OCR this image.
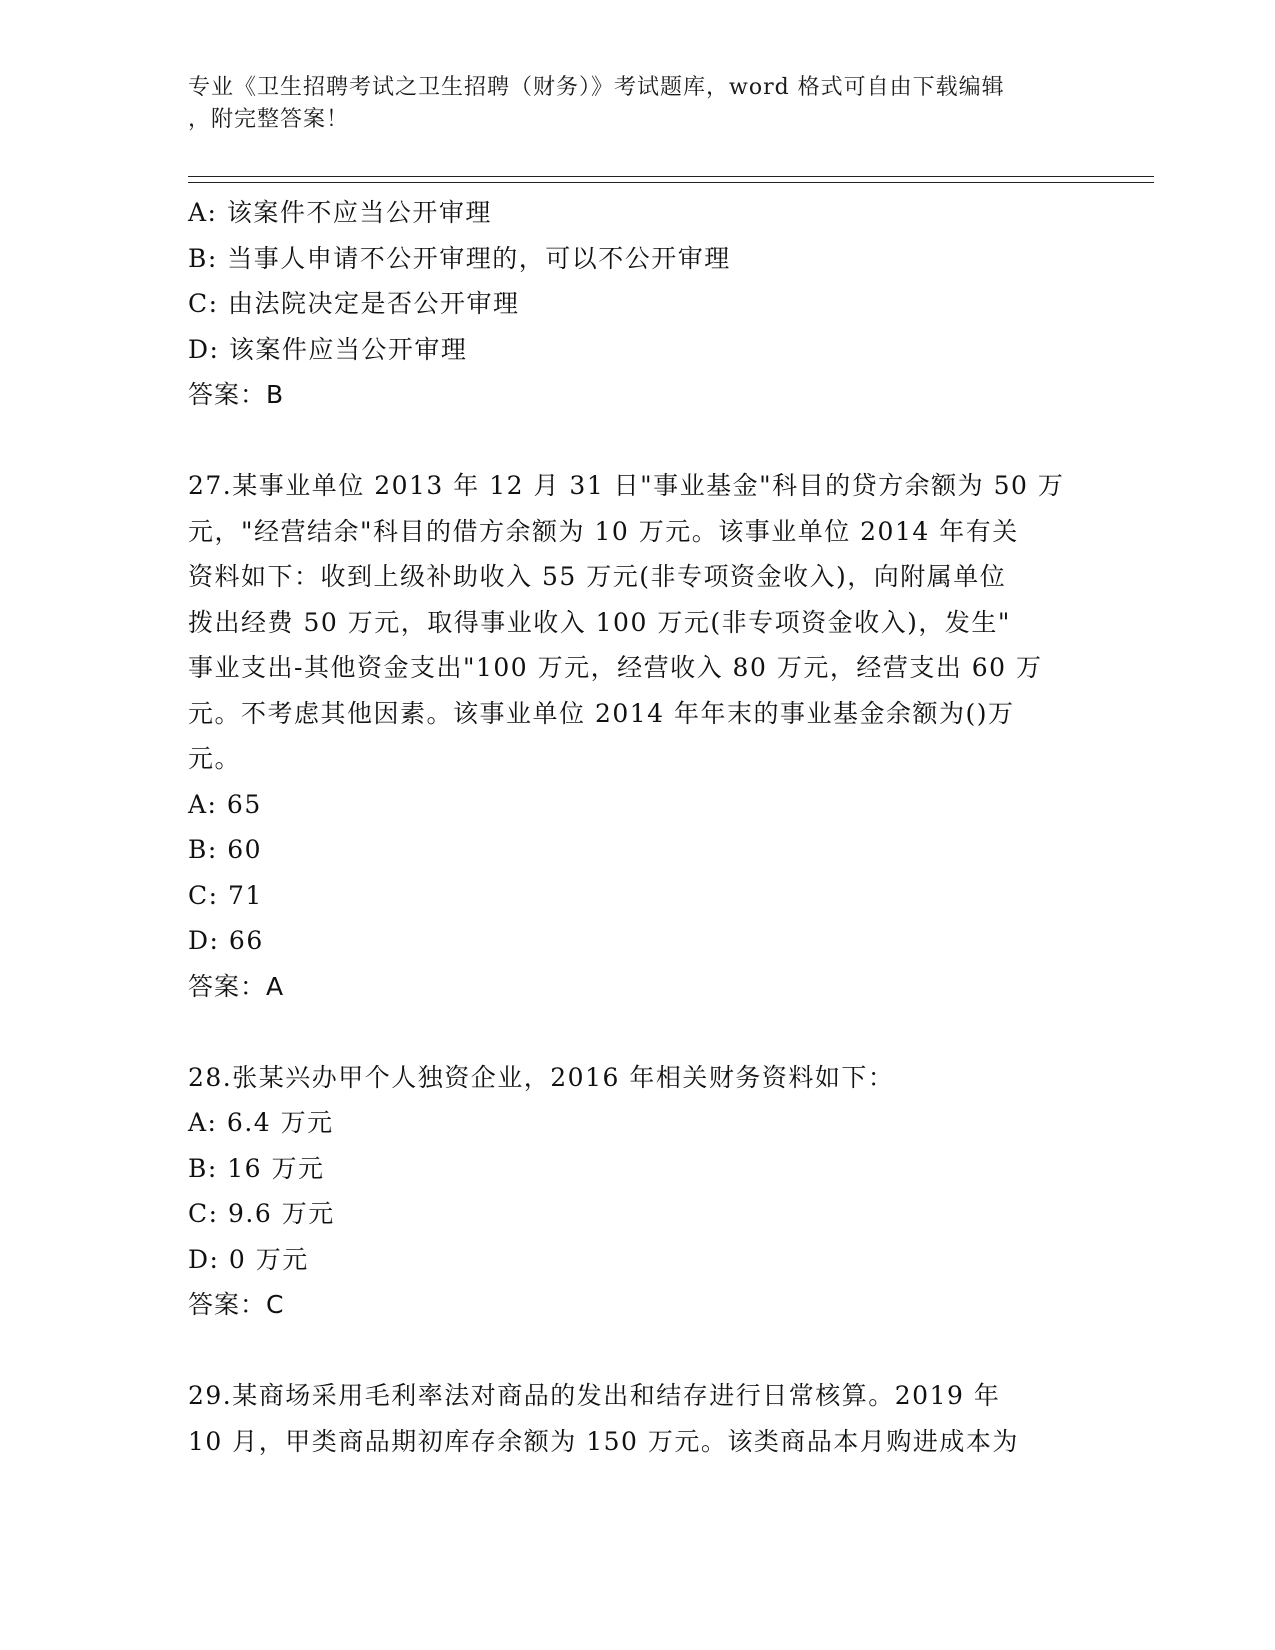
专业《卫生招聘考试之卫生招聘（财务）》考试题库，word 格式可自由下载编辑
，附完整答案！

A: 该案件不应当公开审理

B: 当事人申请不公开审理的，可以不公开审理

C: 由法院决定是否公开审理

D: 该案件应当公开审理

答案：B

27.某事业单位 2013 年 12 月 31 日"事业基金"科目的贷方余额为 50 万

元，"经营结余"科目的借方余额为 10 万元。该事业单位 2014 年有关

资料如下：收到上级补助收入 55 万元(非专项资金收入)，向附属单位

拨出经费 50 万元，取得事业收入 100 万元(非专项资金收入)，发生"

事业支出-其他资金支出"100 万元，经营收入 80 万元，经营支出 60 万

元。不考虑其他因素。该事业单位 2014 年年末的事业基金余额为()万

元。

A: 65

B: 60

C: 71

D: 66

答案：A

28.张某兴办甲个人独资企业，2016 年相关财务资料如下：

A: 6.4 万元

B: 16 万元

C: 9.6 万元

D: 0 万元

答案：C

29.某商场采用毛利率法对商品的发出和结存进行日常核算。2019 年

10 月，甲类商品期初库存余额为 150 万元。该类商品本月购进成本为
